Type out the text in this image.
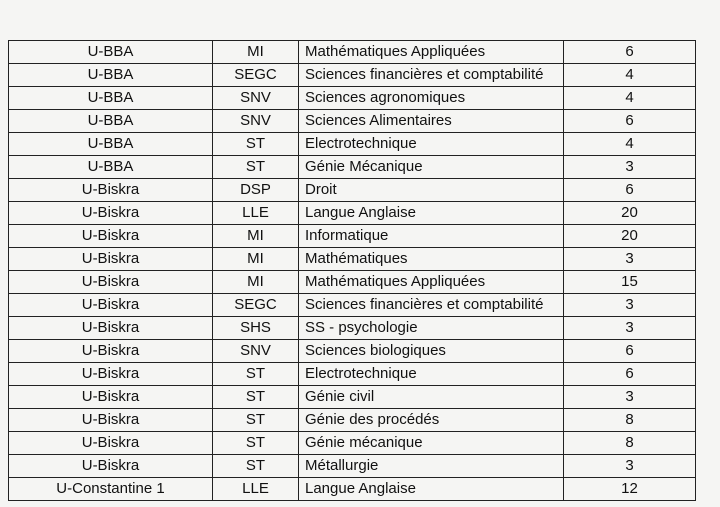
U-BBA	MI	Mathématiques Appliquées	6
U-BBA	SEGC	Sciences financières et comptabilité	4
U-BBA	SNV	Sciences agronomiques	4
U-BBA	SNV	Sciences Alimentaires	6
U-BBA	ST	Electrotechnique	4
U-BBA	ST	Génie Mécanique	3
U-Biskra	DSP	Droit	6
U-Biskra	LLE	Langue Anglaise	20
U-Biskra	MI	Informatique	20
U-Biskra	MI	Mathématiques	3
U-Biskra	MI	Mathématiques Appliquées	15
U-Biskra	SEGC	Sciences financières et comptabilité	3
U-Biskra	SHS	SS - psychologie	3
U-Biskra	SNV	Sciences biologiques	6
U-Biskra	ST	Electrotechnique	6
U-Biskra	ST	Génie civil	3
U-Biskra	ST	Génie des procédés	8
U-Biskra	ST	Génie mécanique	8
U-Biskra	ST	Métallurgie	3
U-Constantine 1	LLE	Langue Anglaise	12
